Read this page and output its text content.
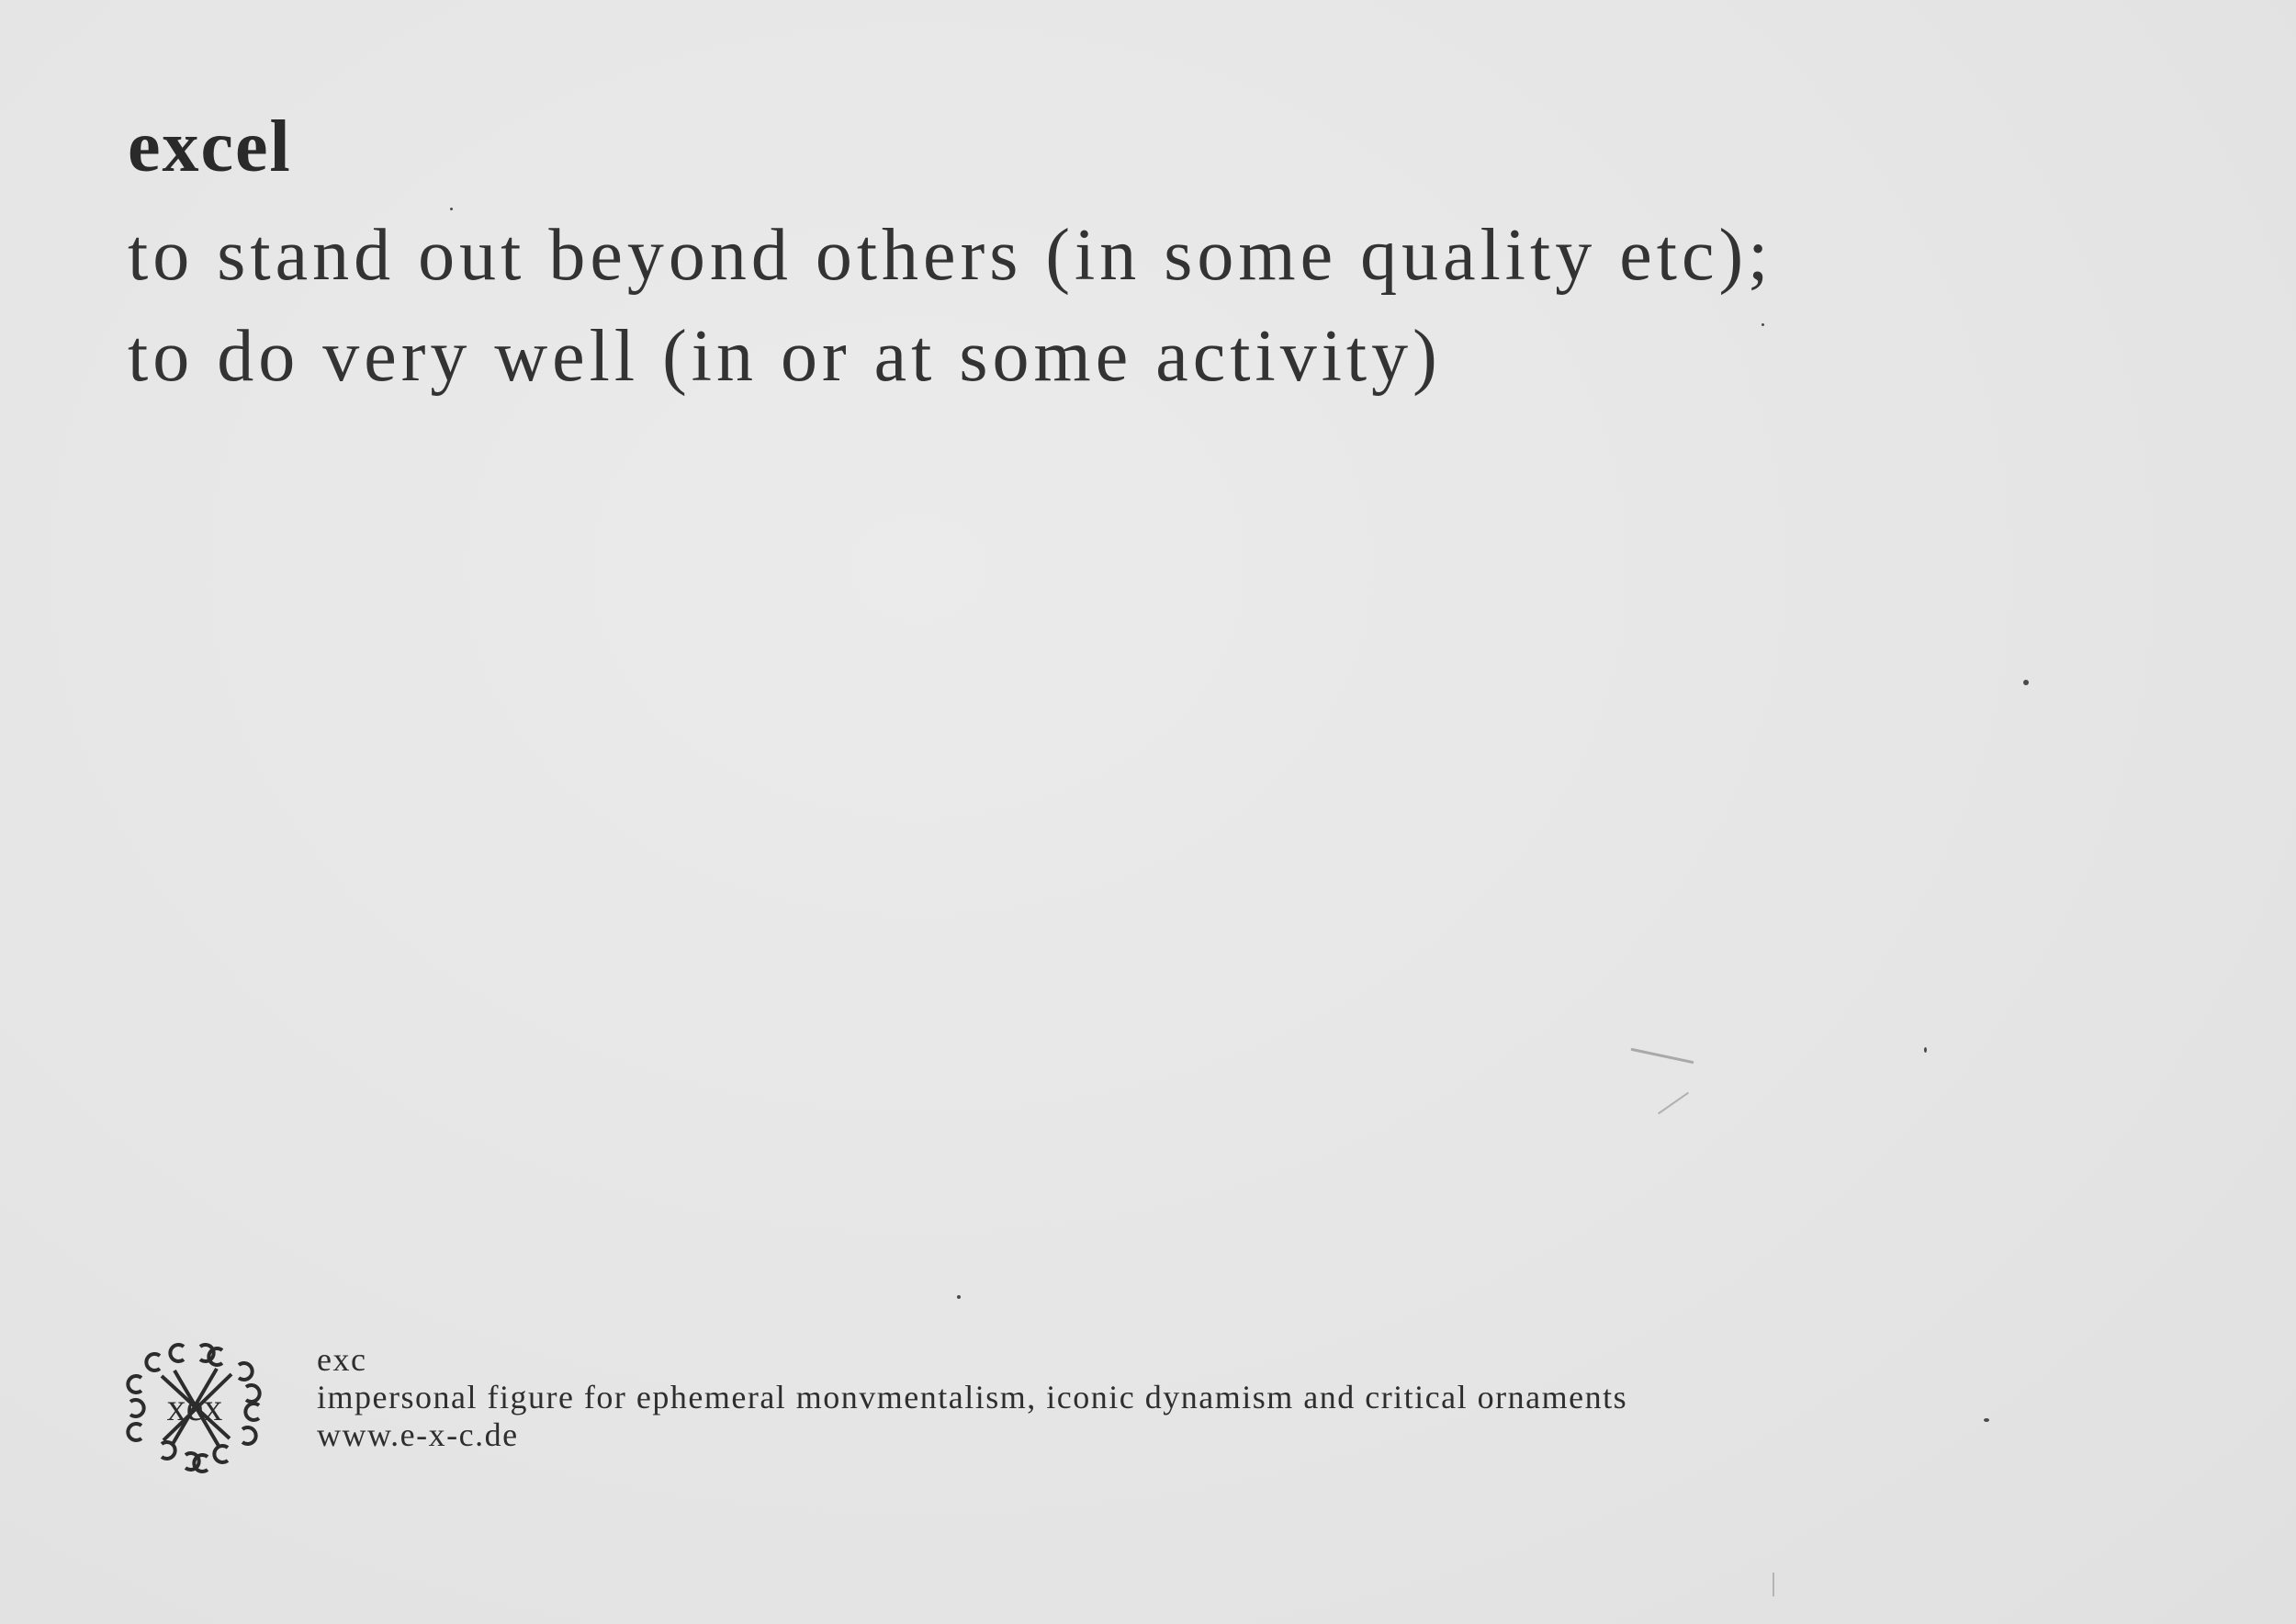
excel

to stand out beyond others (in some quality etc);

to do very well (in or at some activity)

xex
exc
impersonal figure for ephemeral monvmentalism, iconic dynamism and critical ornaments
www.e-x-c.de
